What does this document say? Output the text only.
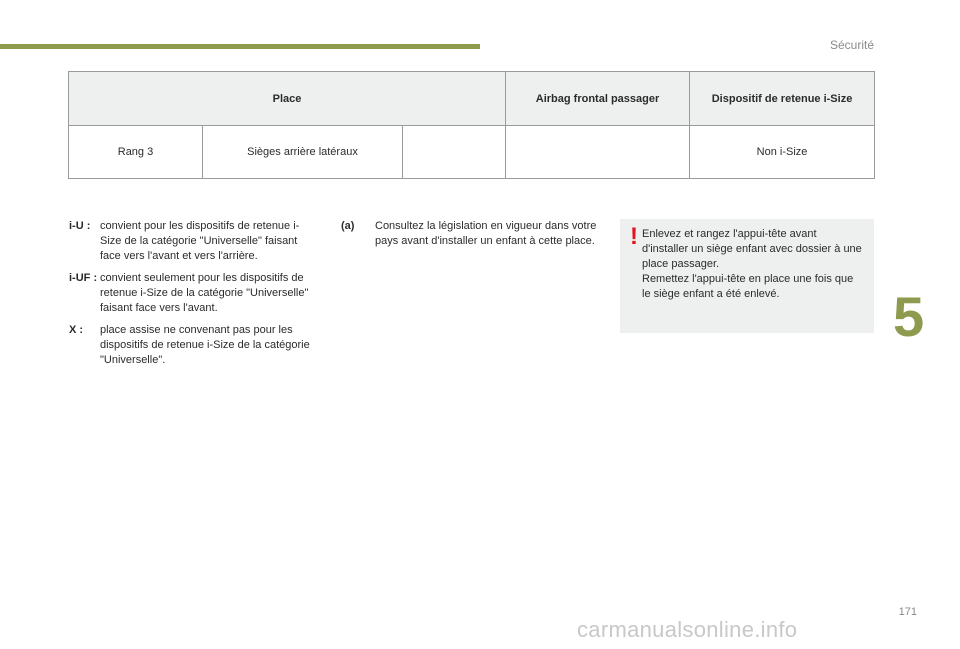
Sécurité
Place			Airbag frontal passager	Dispositif de retenue i-Size
Rang 3	Sièges arrière latéraux			Non i-Size
i-U : convient pour les dispositifs de retenue i-Size de la catégorie "Universelle" faisant face vers l'avant et vers l'arrière.
i-UF : convient seulement pour les dispositifs de retenue i-Size de la catégorie "Universelle" faisant face vers l'avant.
X :	place assise ne convenant pas pour les dispositifs de retenue i-Size de la catégorie "Universelle".
(a)	Consultez la législation en vigueur dans votre pays avant d'installer un enfant à cette place.	! Enlevez et rangez l'appui-tête avant d'installer un siège enfant avec dossier à une place passager.
Remettez l'appui-tête en place une fois que le siège enfant a été enlevé.	5
171
carmanualsonline.info
